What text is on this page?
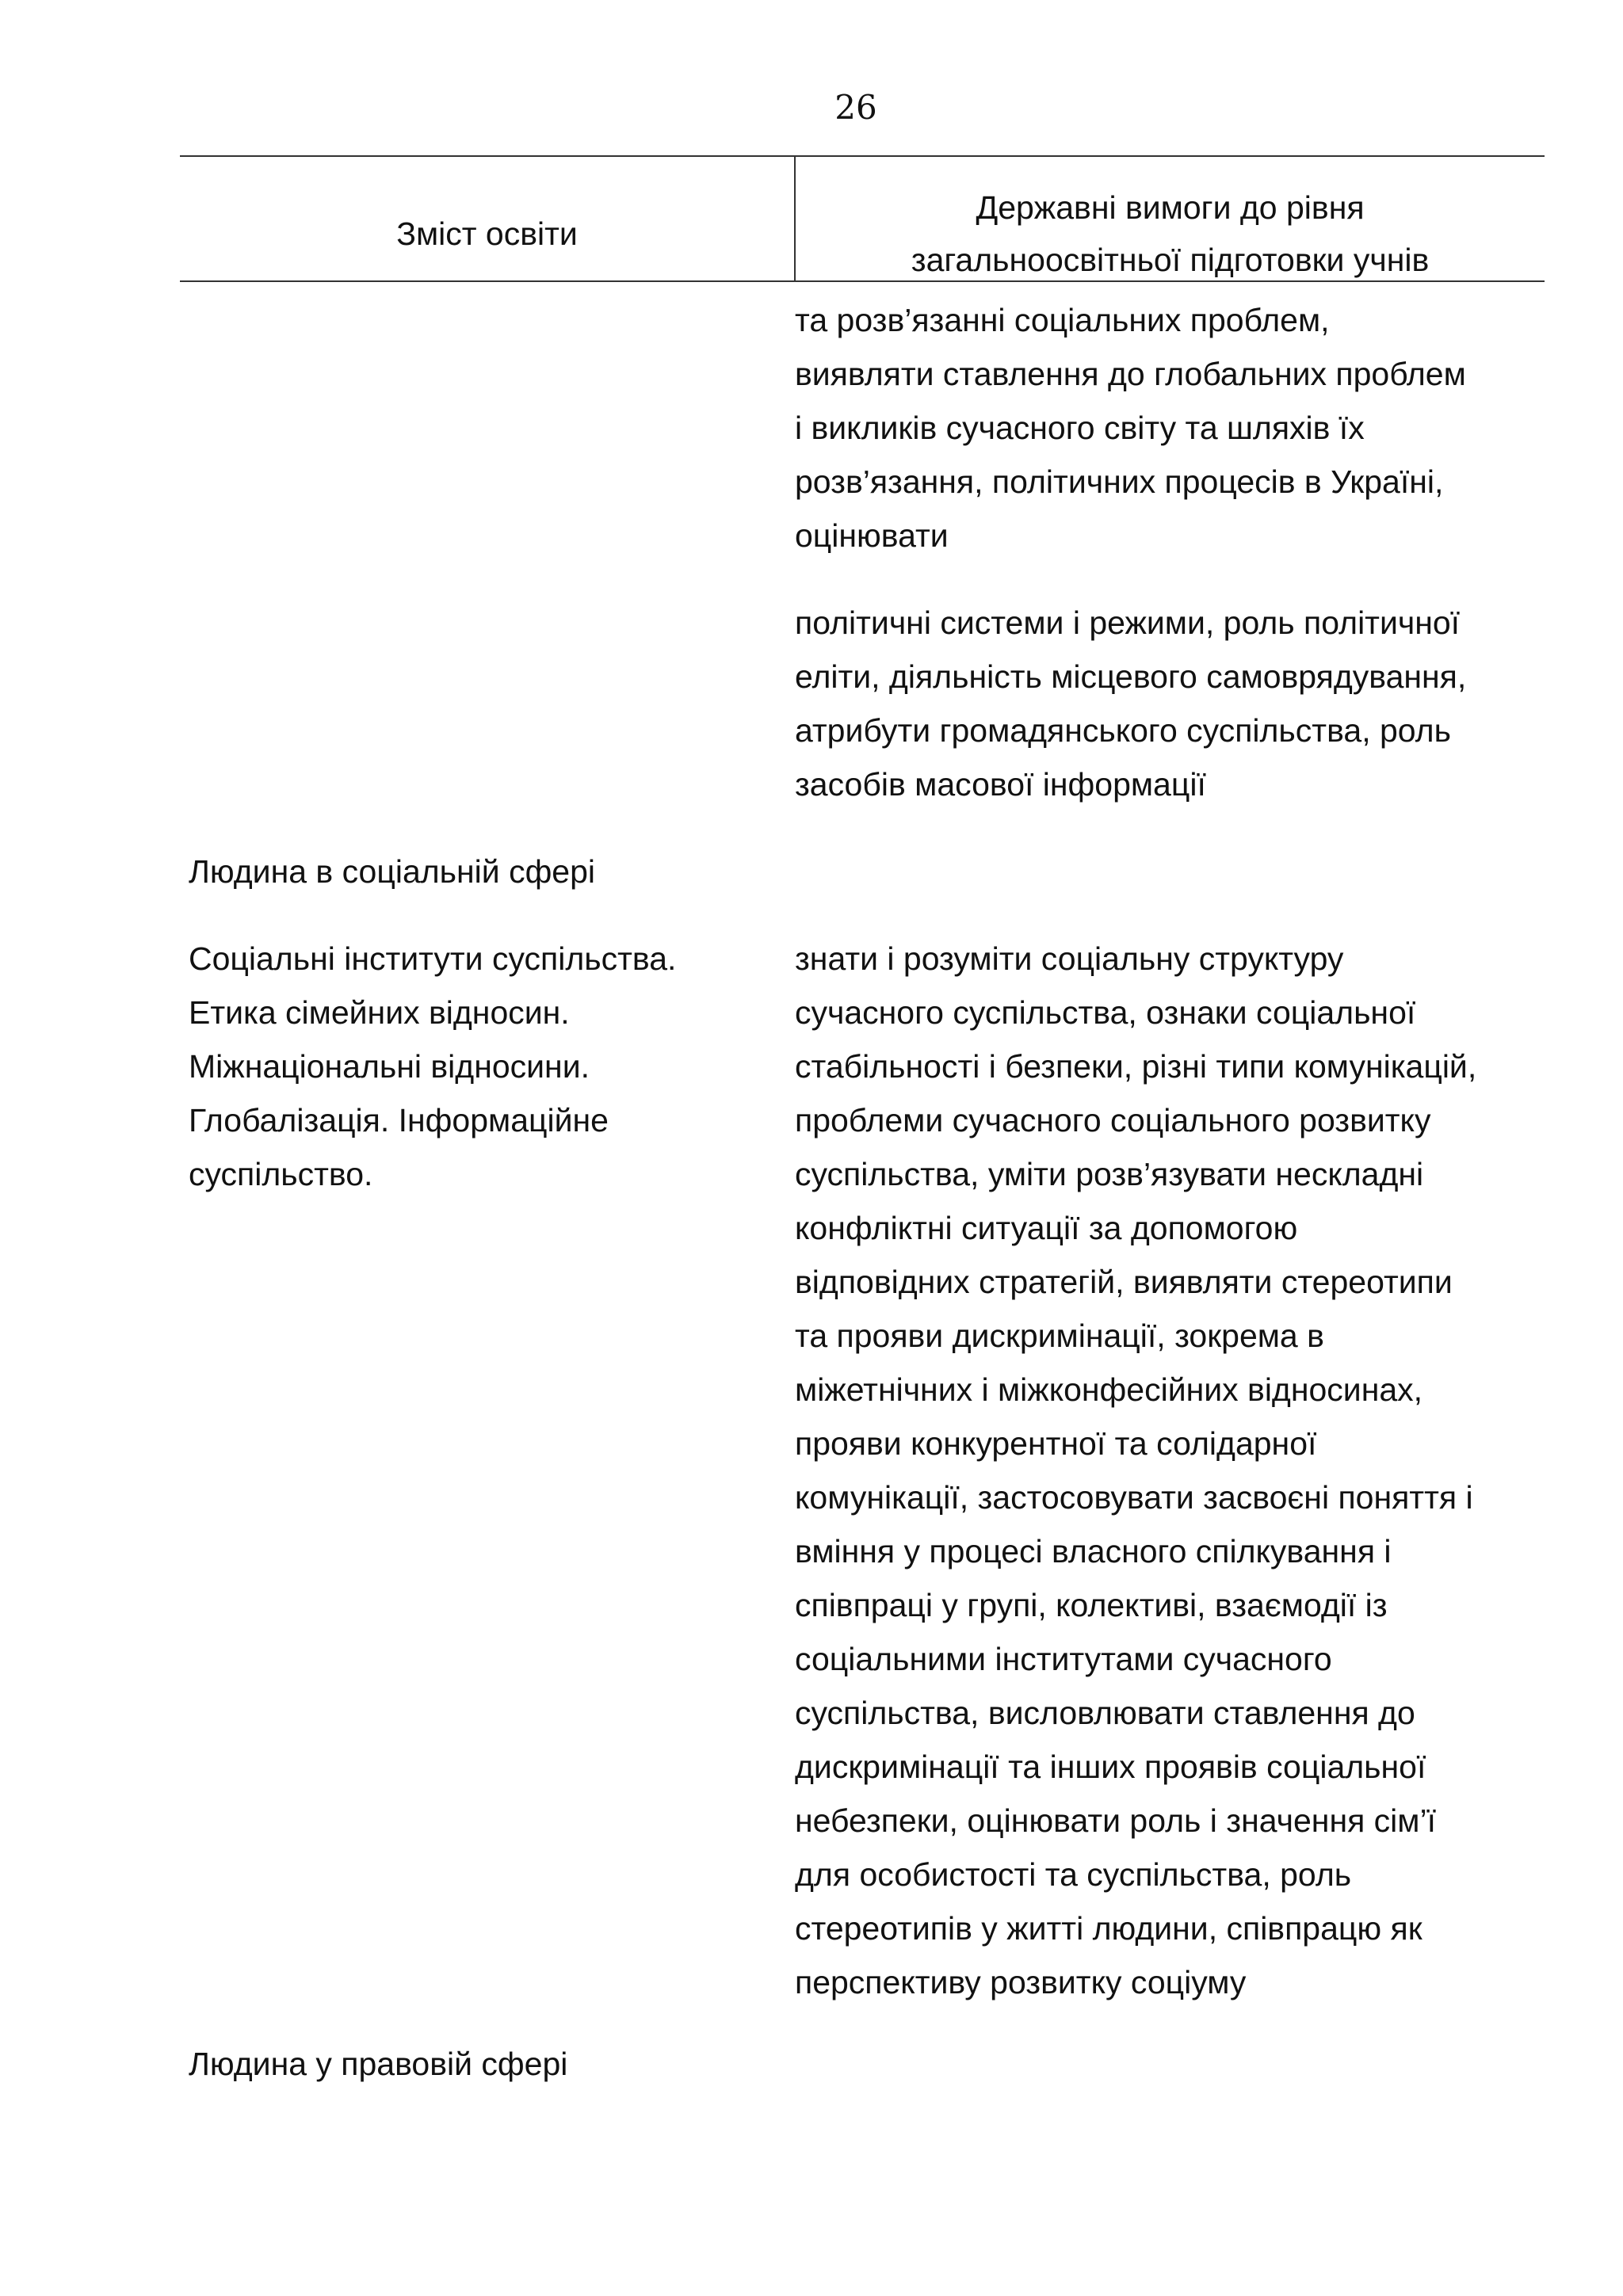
26
Зміст освіти
Державні вимоги до рівня
загальноосвітньої підготовки учнів
та розв’язанні соціальних проблем,
виявляти ставлення до глобальних проблем
і викликів сучасного світу та шляхів їх
розв’язання, політичних процесів в Україні,
оцінювати
політичні системи і режими, роль політичної
еліти, діяльність місцевого самоврядування,
атрибути громадянського суспільства, роль
засобів масової інформації
Людина в соціальній сфері
Соціальні інститути суспільства.
Етика сімейних відносин.
Міжнаціональні відносини.
Глобалізація. Інформаційне
суспільство.
знати і розуміти соціальну структуру
сучасного суспільства, ознаки соціальної
стабільності і безпеки, різні типи комунікацій,
проблеми сучасного соціального розвитку
суспільства, уміти розв’язувати нескладні
конфліктні ситуації за допомогою
відповідних стратегій, виявляти стереотипи
та прояви дискримінації, зокрема в
міжетнічних і міжконфесійних відносинах,
прояви конкурентної та солідарної
комунікації, застосовувати засвоєні поняття і
вміння у процесі власного спілкування і
співпраці у групі, колективі, взаємодії із
соціальними інститутами сучасного
суспільства, висловлювати ставлення до
дискримінації та інших проявів соціальної
небезпеки, оцінювати роль і значення сім’ї
для особистості та суспільства, роль
стереотипів у житті людини, співпрацю як
перспективу розвитку соціуму
Людина у правовій сфері
